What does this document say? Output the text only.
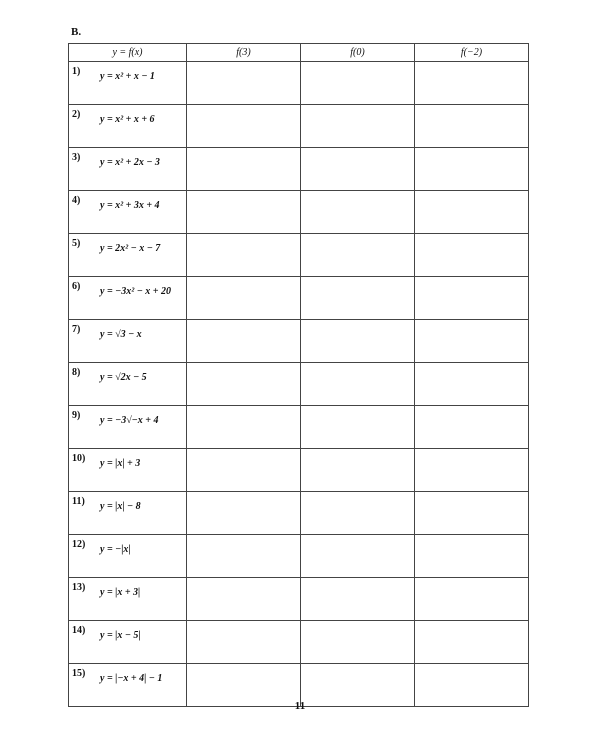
B.
y = f(x)	f(3)	f(0)	f(−2)

1) y = x² + x − 1			

2) y = x² + x + 6			

3) y = x² + 2x − 3			

4) y = x² + 3x + 4			

5) y = 2x² − x − 7			

6) y = −3x² − x + 20			

7) y = √3 − x			

8) y = √2x − 5			

9) y = −3√−x + 4			

10) y = |x| + 3			

11) y = |x| − 8			

12) y = −|x|			

13) y = |x + 3|			

14) y = |x − 5|			

15) y = |−x + 4| − 1			

11
